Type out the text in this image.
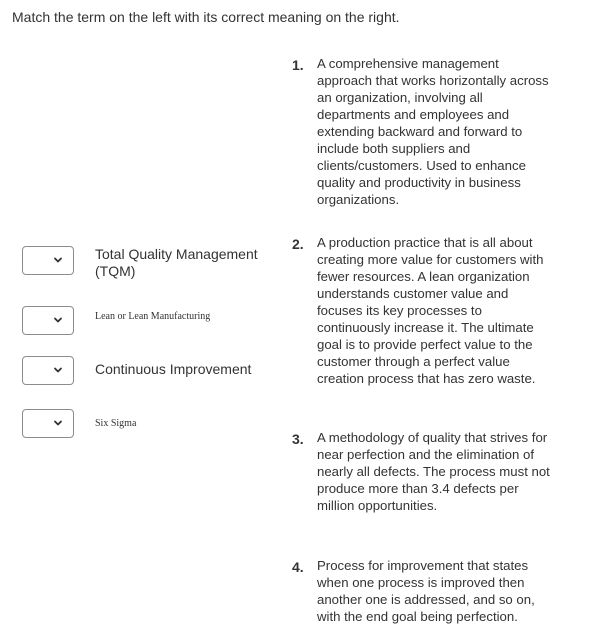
Match the term on the left with its correct meaning on the right.
Total Quality Management (TQM)
Lean or Lean Manufacturing
Continuous Improvement
Six Sigma
1. A comprehensive management approach that works horizontally across an organization, involving all departments and employees and extending backward and forward to include both suppliers and clients/customers. Used to enhance quality and productivity in business organizations.
2. A production practice that is all about creating more value for customers with fewer resources. A lean organization understands customer value and focuses its key processes to continuously increase it. The ultimate goal is to provide perfect value to the customer through a perfect value creation process that has zero waste.
3. A methodology of quality that strives for near perfection and the elimination of nearly all defects. The process must not produce more than 3.4 defects per million opportunities.
4. Process for improvement that states when one process is improved then another one is addressed, and so on, with the end goal being perfection.
